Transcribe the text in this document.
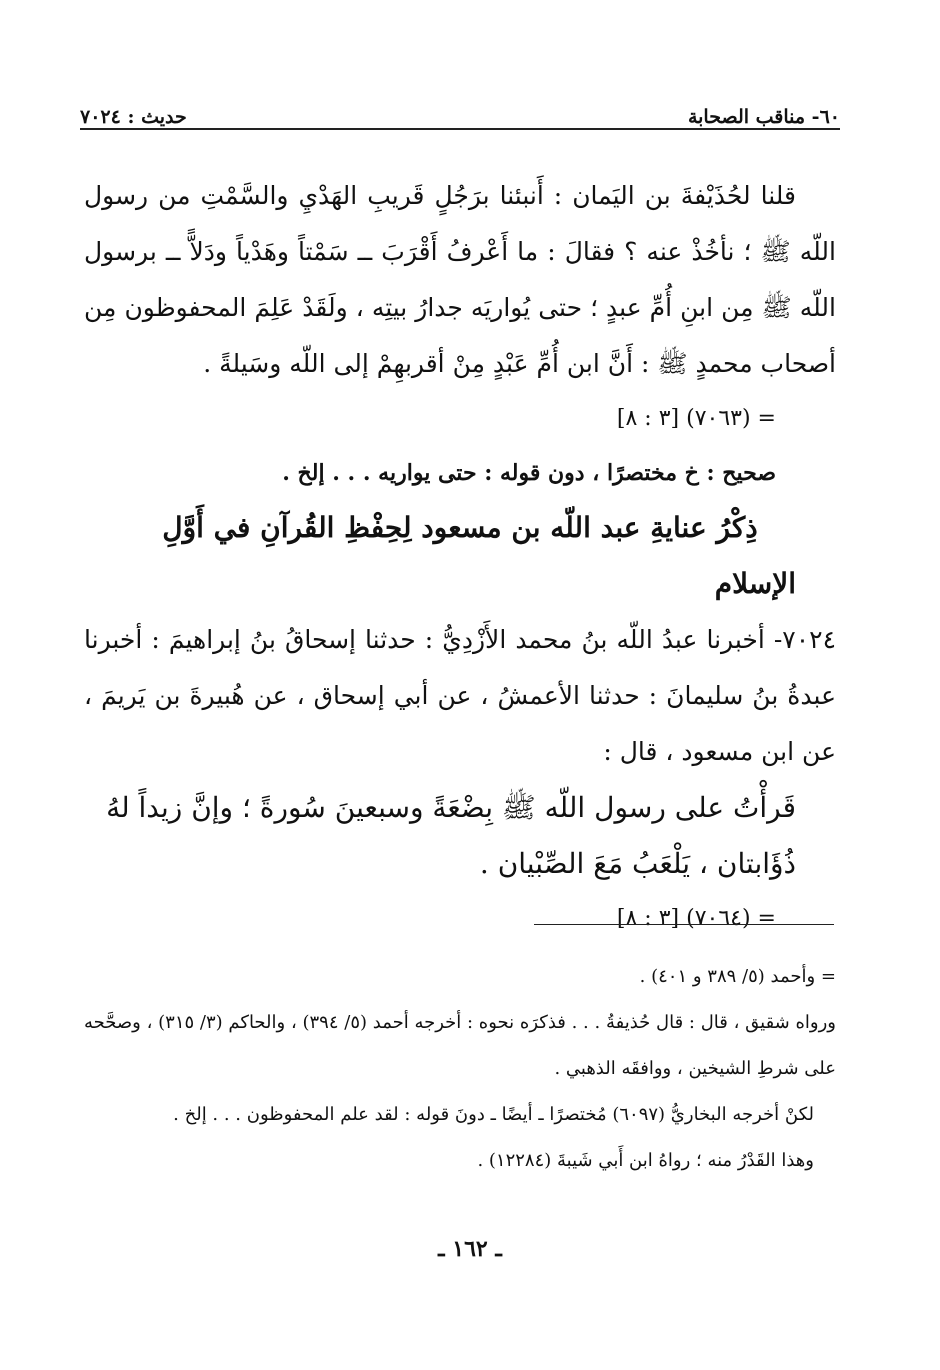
٦٠- مناقب الصحابة
حديث : ٧٠٢٤

قلنا لحُذَيْفةَ بن اليَمان : أَنبئنا برَجُلٍ قَريبِ الهَدْيِ والسَّمْتِ من رسول اللّه ﷺ ؛ نأخُذْ عنه ؟ فقالَ : ما أَعْرفُ أَقْرَبَ ــ سَمْتاً وهَدْياً ودَلاًّ ــ برسول اللّه ﷺ مِن ابنِ أُمِّ عبدٍ ؛ حتى يُواريَه جدارُ بيتِه ، ولَقَدْ عَلِمَ المحفوظون مِن أصحاب محمدٍ ﷺ : أَنَّ ابن أُمِّ عَبْدٍ مِنْ أقربهِمْ إلى اللّه وسَيلةً .

= (٧٠٦٣) [٣ : ٨]
صحيح : خ مختصرًا ، دون قوله : حتى يواريه . . . إلخ .
ذِكْرُ عنايةِ عبد اللّه بن مسعود لِحِفْظِ القُرآنِ في أَوَّلِ الإسلام

٧٠٢٤- أخبرنا عبدُ اللّه بنُ محمد الأَزْدِيُّ : حدثنا إسحاقُ بنُ إبراهيمَ : أخبرنا عبدةُ بنُ سليمانَ : حدثنا الأعمشُ ، عن أبي إسحاق ، عن هُبيرةَ بن يَريمَ ، عن ابن مسعود ، قال :

قَرأْتُ على رسول اللّه ﷺ بِضْعَةً وسبعينَ سُورةً ؛ وإنَّ زيداً لهُ ذُؤَابتان ، يَلْعَبُ مَعَ الصِّبْيان .
= (٧٠٦٤) [٣ : ٨]
= وأحمد (٥/ ٣٨٩ و ٤٠١) .
ورواه شقيق ، قال : قال حُذيفةُ . . . فذكرَه نحوه : أخرجه أحمد (٥/ ٣٩٤) ، والحاكم (٣/ ٣١٥) ، وصحَّحه على شرطِ الشيخين ، ووافقَه الذهبي .
لكنْ أخرجه البخاريُّ (٦٠٩٧) مُختصرًا ـ أيضًا ـ دونَ قوله : لقد علم المحفوظون . . . إلخ .
وهذا القَدْرُ منه ؛ رواهُ ابن أَبي شَيبةَ (١٢٢٨٤) .
ـ ١٦٢ ـ
